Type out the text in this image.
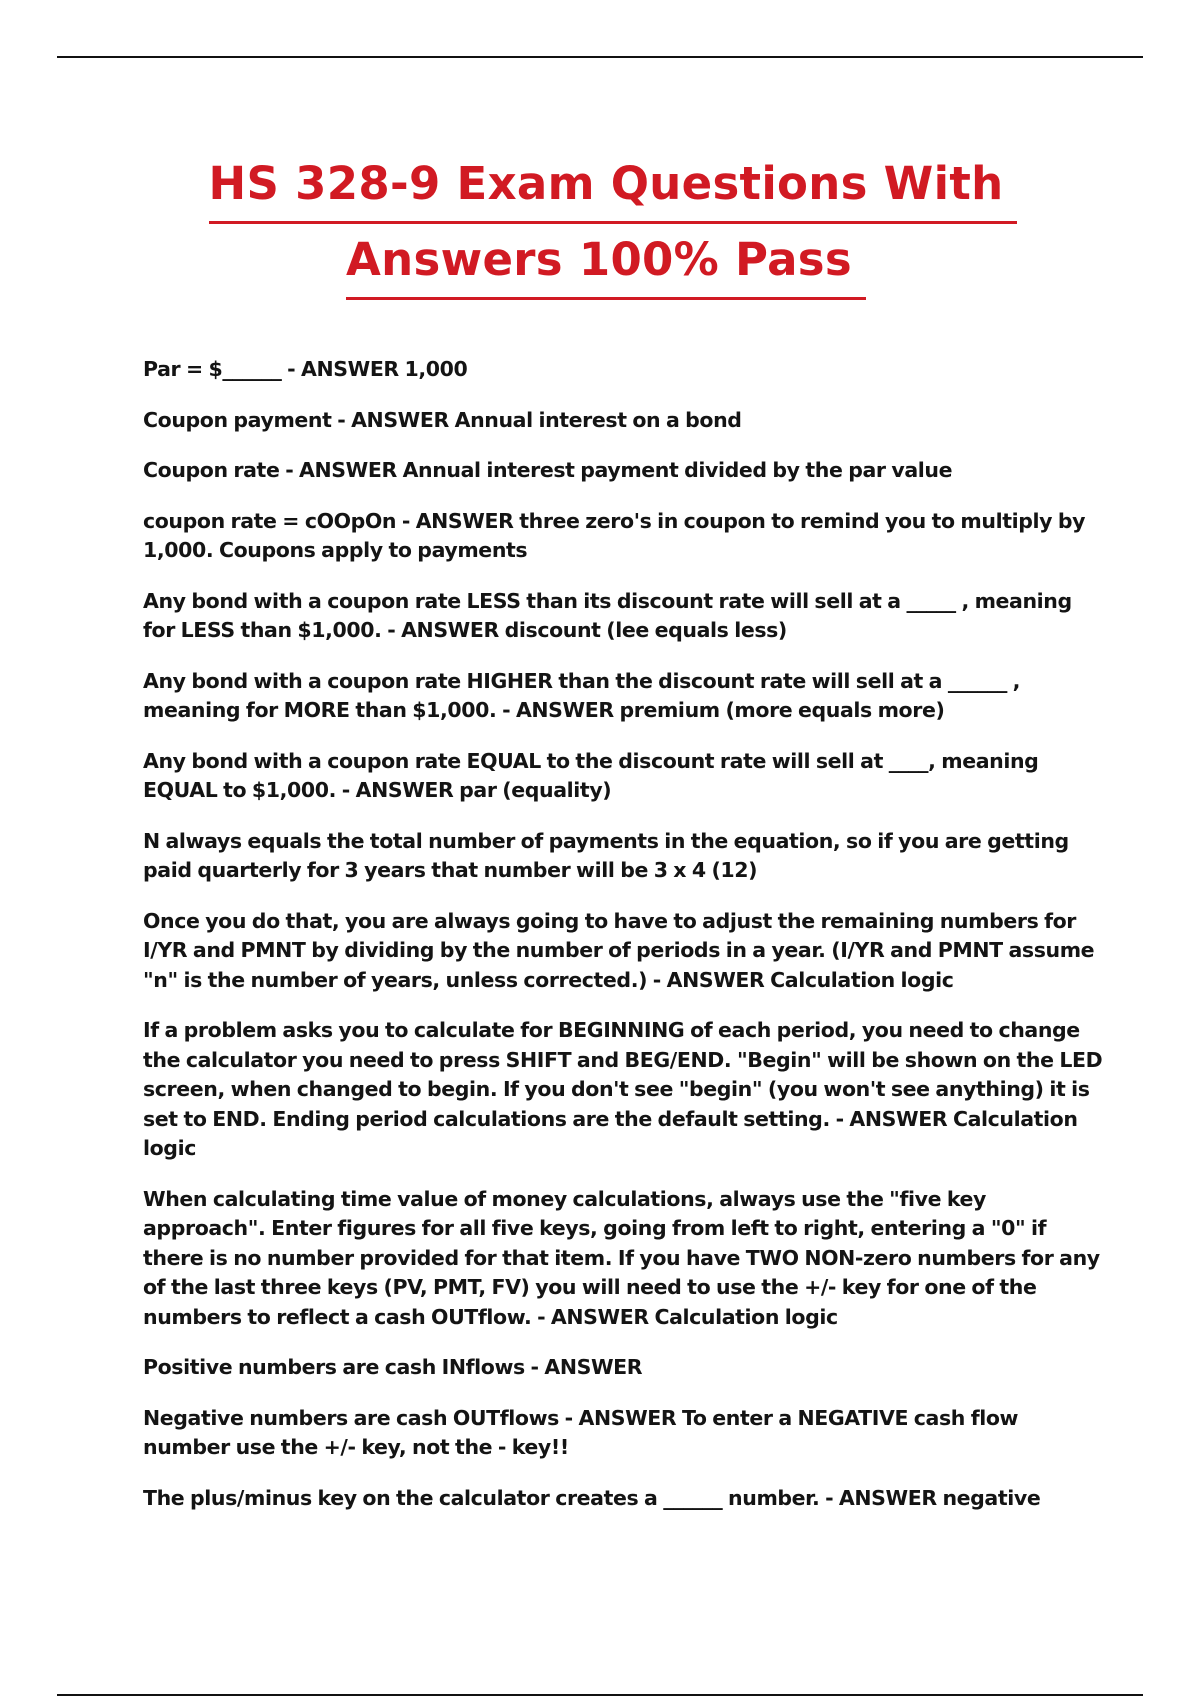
HS 328-9 Exam Questions With
Answers 100% Pass

Par = $______ - ANSWER 1,000

Coupon payment - ANSWER Annual interest on a bond

Coupon rate - ANSWER Annual interest payment divided by the par value

coupon rate = cOOpOn - ANSWER three zero's in coupon to remind you to multiply by 1,000. Coupons apply to payments

Any bond with a coupon rate LESS than its discount rate will sell at a _____ , meaning for LESS than $1,000. - ANSWER discount (lee equals less)

Any bond with a coupon rate HIGHER than the discount rate will sell at a ______ , meaning for MORE than $1,000. - ANSWER premium (more equals more)

Any bond with a coupon rate EQUAL to the discount rate will sell at ____, meaning EQUAL to $1,000. - ANSWER par (equality)

N always equals the total number of payments in the equation, so if you are getting paid quarterly for 3 years that number will be 3 x 4 (12)

Once you do that, you are always going to have to adjust the remaining numbers for I/YR and PMNT by dividing by the number of periods in a year. (I/YR and PMNT assume "n" is the number of years, unless corrected.) - ANSWER Calculation logic

If a problem asks you to calculate for BEGINNING of each period, you need to change the calculator you need to press SHIFT and BEG/END. "Begin" will be shown on the LED screen, when changed to begin. If you don't see "begin" (you won't see anything) it is set to END. Ending period calculations are the default setting. - ANSWER Calculation logic

When calculating time value of money calculations, always use the "five key approach". Enter figures for all five keys, going from left to right, entering a "0" if there is no number provided for that item. If you have TWO NON-zero numbers for any of the last three keys (PV, PMT, FV) you will need to use the +/- key for one of the numbers to reflect a cash OUTflow. - ANSWER Calculation logic

Positive numbers are cash INflows - ANSWER

Negative numbers are cash OUTflows - ANSWER To enter a NEGATIVE cash flow number use the +/- key, not the - key!!

The plus/minus key on the calculator creates a ______ number. - ANSWER negative
